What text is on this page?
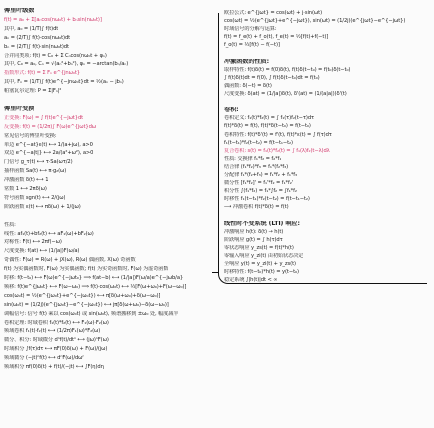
傅里叶级数
f(t) = a₀ + Σ[aₙcos(nω₀t) + bₙsin(nω₀t)]
其中, a₀ = (1/T)∫ f(t)dt
aₙ = (2/T)∫ f(t)·cos(nω₀t)dt
bₙ = (2/T)∫ f(t)·sin(nω₀t)dt
合并同类项: f(t) = C₀ + Σ Cₙcos(nω₀t + φₙ)
其中, C₀ = a₀, Cₙ = √(aₙ²+bₙ²), φₙ = −arctan(bₙ/aₙ)
指数形式: f(t) = Σ Fₙ e^{jnω₀t}
其中, Fₙ = (1/T)∫ f(t)e^{−jnω₀t}dt = ½(aₙ − jbₙ)
帕塞瓦尔定理: P = Σ|Fₙ|²
傅里叶变换
正变换: F(ω) = ∫ f(t)e^{−jωt}dt
反变换: f(t) = (1/2π)∫ F(ω)e^{jωt}dω
常见信号的傅里叶变换:
单边 e^{−at}ε(t) ⟷ 1/(a+jω), a>0
双边 e^{−a|t|} ⟷ 2a/(a²+ω²), a>0
门信号 g_τ(t) ⟷ τ·Sa(ωτ/2)
抽样函数 Sa(t) ⟷ π·g₂(ω)
冲激函数 δ(t) ⟷ 1
常数 1 ⟷ 2πδ(ω)
符号函数 sgn(t) ⟷ 2/(jω)
阶跃函数 ε(t) ⟷ πδ(ω) + 1/(jω)
性质:
线性: af₁(t)+bf₂(t) ⟷ aF₁(ω)+bF₂(ω)
对称性: F(t) ⟷ 2πf(−ω)
尺度变换: f(at) ⟷ (1/|a|)F(ω/a)
奇偶性: F(ω) = R(ω) + jX(ω), R(ω) 偶函数, X(ω) 奇函数
f(t) 为实偶函数时, F(ω) 为实偶函数; f(t) 为实奇函数时, F(ω) 为虚奇函数
时移: f(t−t₀) ⟷ F(ω)e^{−jωt₀} ⟹ f(at−b) ⟷ (1/|a|)F(ω/a)e^{−jωb/a}
频移: f(t)e^{jω₀t} ⟷ F(ω−ω₀) ⟹ f(t)·cos(ω₀t) ⟷ ½[F(ω+ω₀)+F(ω−ω₀)]
cos(ω₀t) = ½(e^{jω₀t}+e^{−jω₀t}) ⟷ π[δ(ω+ω₀)+δ(ω−ω₀)]
sin(ω₀t) = (1/2j)(e^{jω₀t}−e^{−jω₀t}) ⟷ jπ[δ(ω+ω₀)−δ(ω−ω₀)]
调幅信号: 信号 f(t) 乘以 cos(ω₀t) 或 sin(ω₀t), 频谱搬移到 ±ω₀ 处, 幅度减半
卷积定理: 时域卷积 f₁(t)*f₂(t) ⟷ F₁(ω)·F₂(ω)
频域卷积 f₁(t)·f₂(t) ⟷ (1/2π)F₁(ω)*F₂(ω)
微分、积分: 时域微分 dⁿf(t)/dtⁿ ⟷ (jω)ⁿF(ω)
时域积分 ∫f(τ)dτ ⟷ πF(0)δ(ω) + F(ω)/(jω)
频域微分 (−jt)ⁿf(t) ⟷ dⁿF(ω)/dωⁿ
频域积分 πf(0)δ(t) + f(t)/(−jt) ⟷ ∫F(η)dη
欧拉公式: e^{jωt} = cos(ωt) + j·sin(ωt)
cos(ωt) = ½(e^{jωt}+e^{−jωt}), sin(ωt) = (1/2j)(e^{jωt}−e^{−jωt})
时域信号的分解与运算:
f(t) = f_e(t) + f_o(t), f_e(t) = ½[f(t)+f(−t)]
f_o(t) = ½[f(t) − f(−t)]
冲激函数的性质:
取样特性: f(t)δ(t) = f(0)δ(t), f(t)δ(t−t₀) = f(t₀)δ(t−t₀)
∫ f(t)δ(t)dt = f(0), ∫ f(t)δ(t−t₀)dt = f(t₀)
偶函数: δ(−t) = δ(t)
尺度变换: δ(at) = (1/|a|)δ(t), δ'(at) = (1/(a|a|))δ'(t)
卷积:
卷积定义: f₁(t)*f₂(t) = ∫ f₁(τ)f₂(t−τ)dτ
f(t)*δ(t) = f(t), f(t)*δ(t−t₀) = f(t−t₀)
卷积特性: f(t)*δ'(t) = f'(t), f(t)*ε(t) = ∫ f(τ)dτ
f₁(t−t₁)*f₂(t−t₂) = f(t−t₁−t₂)
复合卷积: s(t) = f₁(t)*f₂(t) = ∫ f₁(λ)f₂(t−λ)dλ
性质: 交换律 f₁*f₂ = f₂*f₁
结合律 (f₁*f₂)*f₃ = f₁*(f₂*f₃)
分配律 f₁*(f₂+f₃) = f₁*f₂ + f₁*f₃
微分性 [f₁*f₂]' = f₁'*f₂ = f₁*f₂'
积分性 ∫(f₁*f₂) = f₁*∫f₂ = ∫f₁*f₂
时移性 f₁(t−t₁)*f₂(t−t₂) = f(t−t₁−t₂)
⟶ 冲激卷积 f(t)*δ(t) = f(t)
线性时不变系统 (LTI) 响应:
冲激响应 h(t): δ(t) → h(t)
阶跃响应 g(t) = ∫ h(τ)dτ
零状态响应 y_zs(t) = f(t)*h(t)
零输入响应 y_zi(t) 由初始状态决定
全响应 y(t) = y_zi(t) + y_zs(t)
时移特性: f(t−t₀)*h(t) = y(t−t₀)
稳定系统 ∫|h(t)|dt < ∞
